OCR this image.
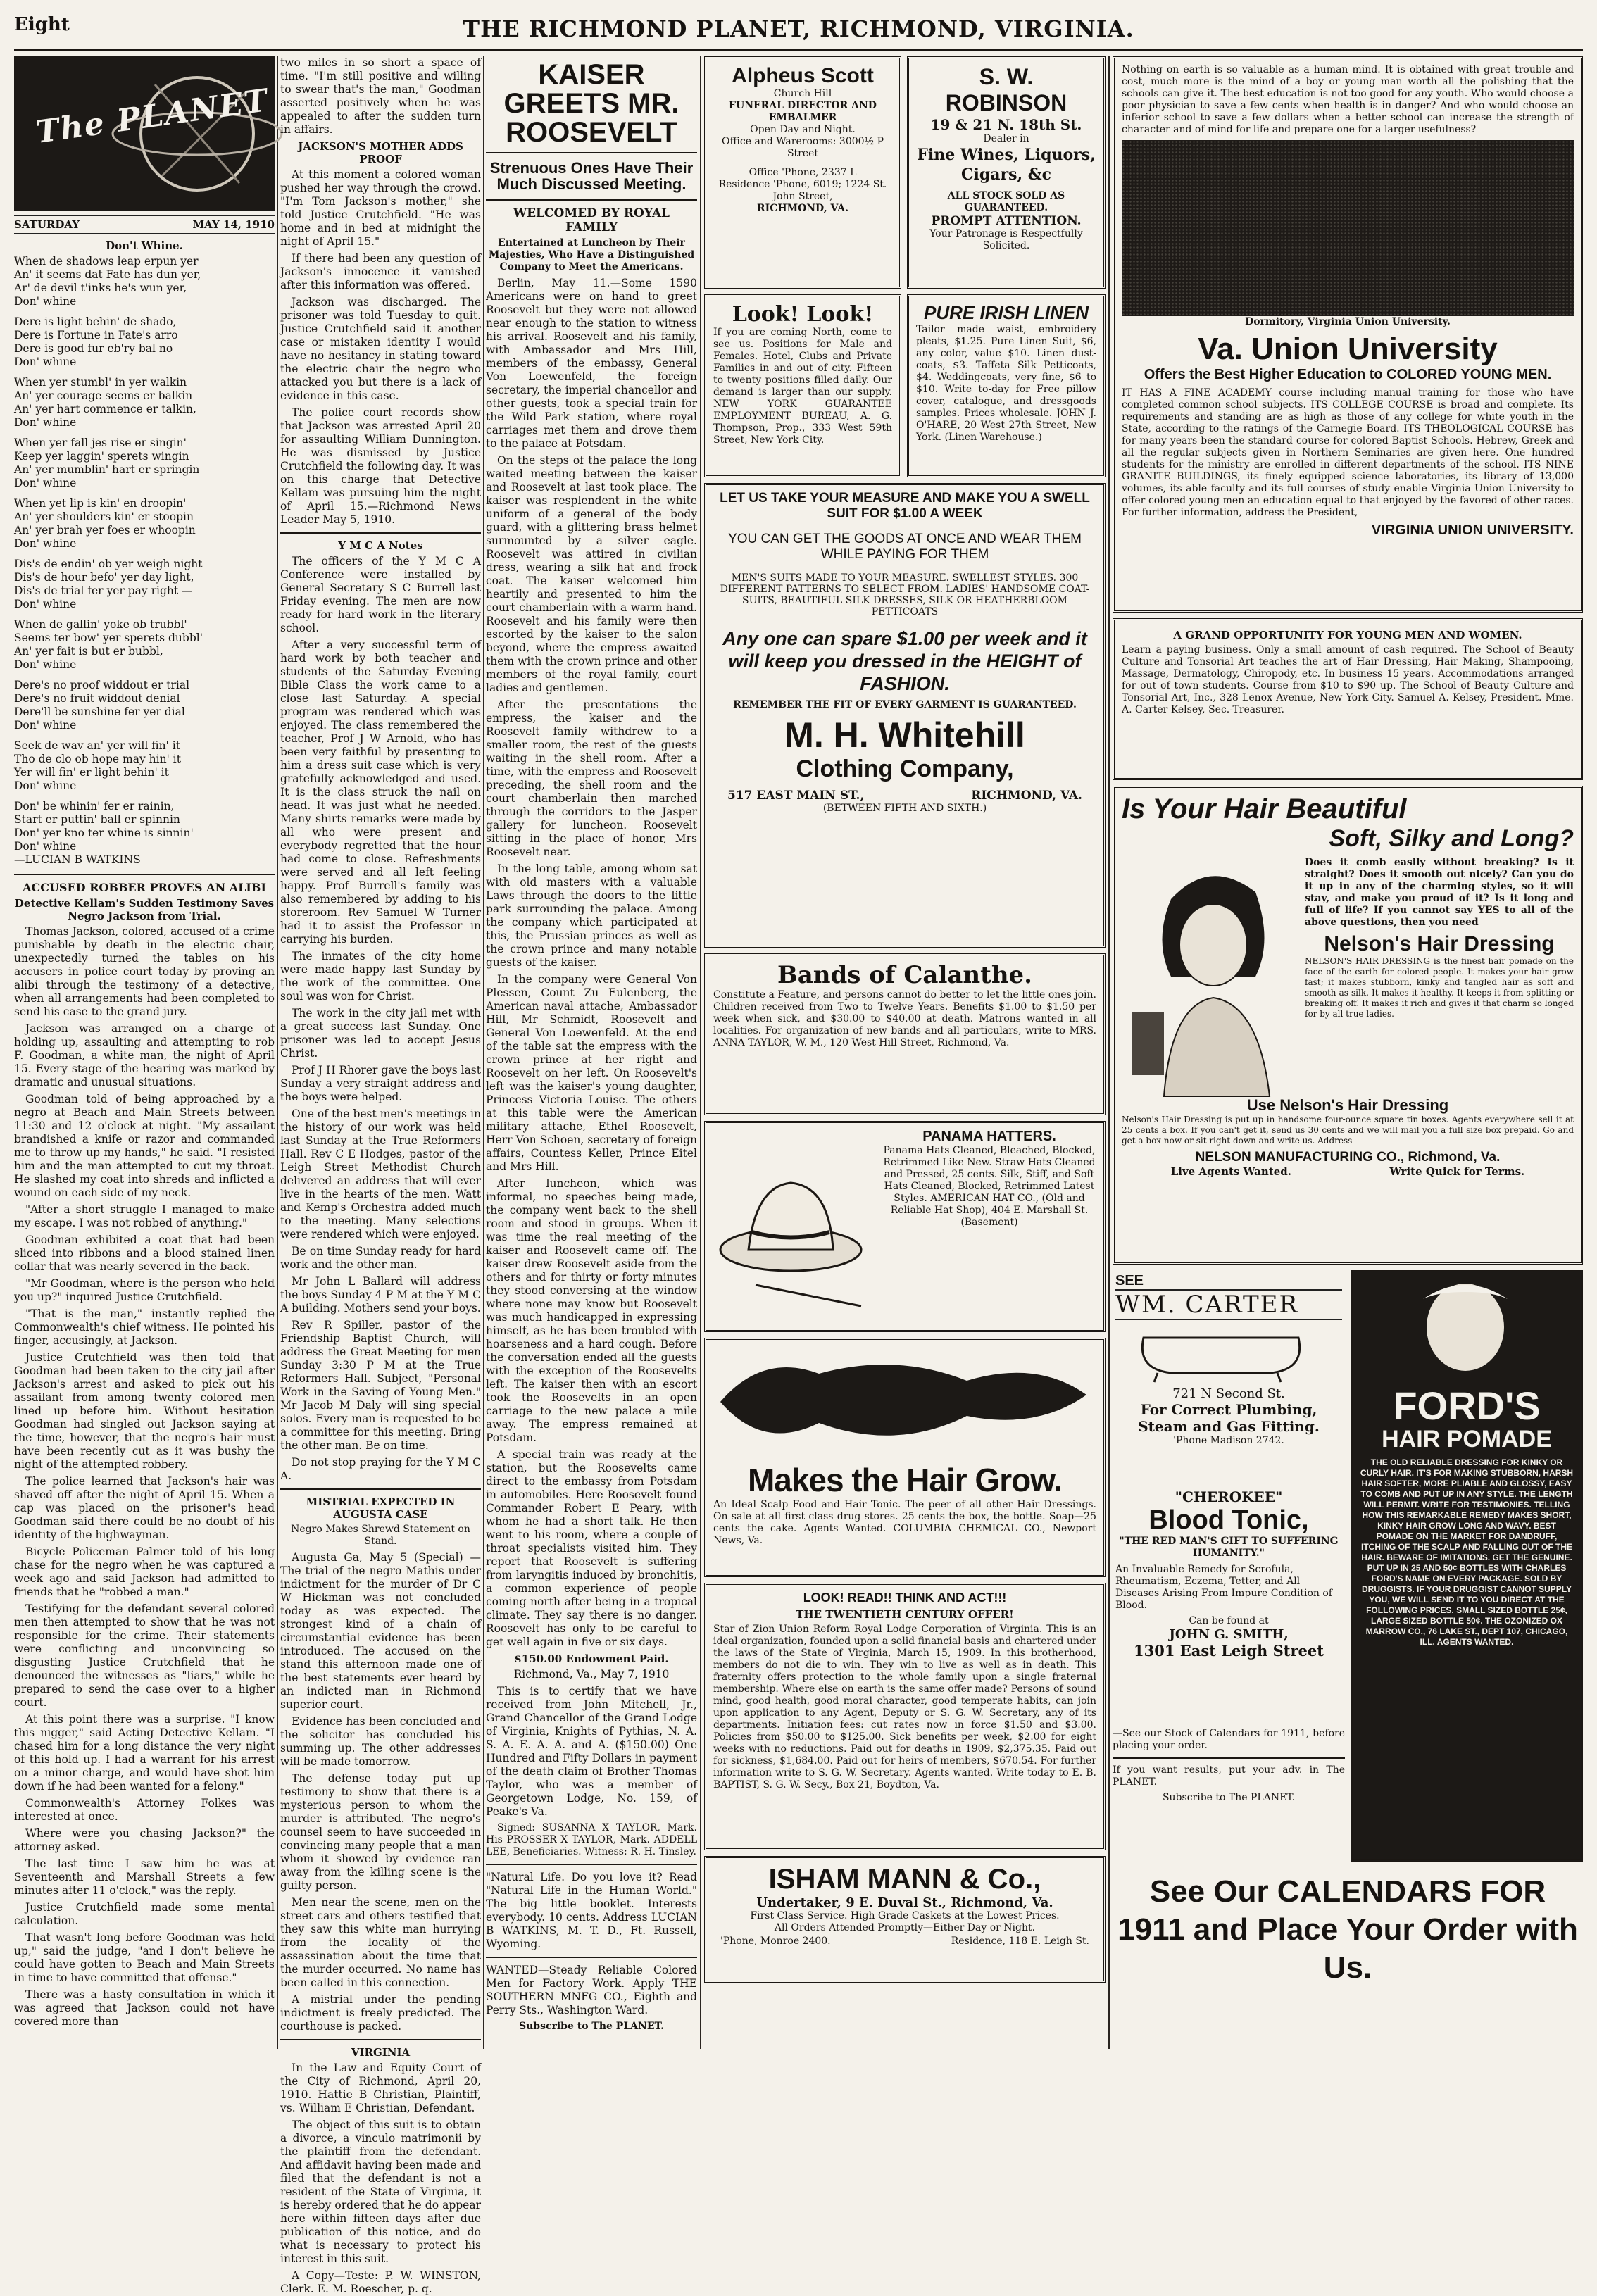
Eight	THE RICHMOND PLANET, RICHMOND, VIRGINIA.
The PLANET
SATURDAY	MAY 14, 1910
Don't Whine.
When de shadows leap erpun yer
An' it seems dat Fate has dun yer,
Ar' de devil t'inks he's wun yer,
Don' whine
Dere is light behin' de shado,
Dere is Fortune in Fate's arro
Dere is good fur eb'ry bal no
Don' whine
When yer stumbl' in yer walkin
An' yer courage seems er balkin
An' yer hart commence er talkin,
Don' whine
When yer fall jes rise er singin'
Keep yer laggin' sperets wingin
An' yer mumblin' hart er springin
Don' whine
When yet lip is kin' en droopin'
An' yer shoulders kin' er stoopin
An' yer brah yer foes er whoopin
Don' whine
Dis's de endin' ob yer weigh night
Dis's de hour befo' yer day light,
Dis's de trial fer yer pay right —
Don' whine
When de gallin' yoke ob trubbl'
Seems ter bow' yer sperets dubbl'
An' yer fait is but er bubbl,
Don' whine
Dere's no proof widdout er trial
Dere's no fruit widdout denial
Dere'll be sunshine fer yer dial
Don' whine
Seek de wav an' yer will fin' it
Tho de clo ob hope may hin' it
Yer will fin' er light behin' it
Don' whine
Don' be whinin' fer er rainin,
Start er puttin' ball er spinnin
Don' yer kno ter whine is sinnin'
Don' whine
—LUCIAN B WATKINS
ACCUSED ROBBER PROVES AN ALIBI
Detective Kellam's Sudden Testimony Saves Negro Jackson from Trial.
Thomas Jackson, colored, accused of a crime punishable by death in the electric chair, unexpectedly turned the tables on his accusers in police court today by proving an alibi through the testimony of a detective, when all arrangements had been completed to send his case to the grand jury.
Jackson was arranged on a charge of holding up, assaulting and attempting to rob F. Goodman, a white man, the night of April 15. Every stage of the hearing was marked by dramatic and unusual situations.
Goodman told of being approached by a negro at Beach and Main Streets between 11:30 and 12 o'clock at night. "My assailant brandished a knife or razor and commanded me to throw up my hands," he said. "I resisted him and the man attempted to cut my throat. He slashed my coat into shreds and inflicted a wound on each side of my neck.
"After a short struggle I managed to make my escape. I was not robbed of anything."
Goodman exhibited a coat that had been sliced into ribbons and a blood stained linen collar that was nearly severed in the back.
"Mr Goodman, where is the person who held you up?" inquired Justice Crutchfield.
"That is the man," instantly replied the Commonwealth's chief witness. He pointed his finger, accusingly, at Jackson.
Justice Crutchfield was then told that Goodman had been taken to the city jail after Jackson's arrest and asked to pick out his assailant from among twenty colored men lined up before him. Without hesitation Goodman had singled out Jackson saying at the time, however, that the negro's hair must have been recently cut as it was bushy the night of the attempted robbery.
The police learned that Jackson's hair was shaved off after the night of April 15. When a cap was placed on the prisoner's head Goodman said there could be no doubt of his identity of the highwayman.
Bicycle Policeman Palmer told of his long chase for the negro when he was captured a week ago and said Jackson had admitted to friends that he "robbed a man."
Testifying for the defendant several colored men then attempted to show that he was not responsible for the crime. Their statements were conflicting and unconvincing so disgusting Justice Crutchfield that he denounced the witnesses as "liars," while he prepared to send the case over to a higher court.
At this point there was a surprise. "I know this nigger," said Acting Detective Kellam. "I chased him for a long distance the very night of this hold up. I had a warrant for his arrest on a minor charge, and would have shot him down if he had been wanted for a felony."
Commonwealth's Attorney Folkes was interested at once.
Where were you chasing Jackson?" the attorney asked.
The last time I saw him he was at Seventeenth and Marshall Streets a few minutes after 11 o'clock," was the reply.
Justice Crutchfield made some mental calculation.
That wasn't long before Goodman was held up," said the judge, "and I don't believe he could have gotten to Beach and Main Streets in time to have committed that offense."
There was a hasty consultation in which it was agreed that Jackson could not have covered more than
two miles in so short a space of time. "I'm still positive and willing to swear that's the man," Goodman asserted positively when he was appealed to after the sudden turn in affairs.
JACKSON'S MOTHER ADDS PROOF
At this moment a colored woman pushed her way through the crowd. "I'm Tom Jackson's mother," she told Justice Crutchfield. "He was home and in bed at midnight the night of April 15."
If there had been any question of Jackson's innocence it vanished after this information was offered.
Jackson was discharged. The prisoner was told Tuesday to quit. Justice Crutchfield said it another case or mistaken identity I would have no hesitancy in stating toward the electric chair the negro who attacked you but there is a lack of evidence in this case.
The police court records show that Jackson was arrested April 20 for assaulting William Dunnington. He was dismissed by Justice Crutchfield the following day. It was on this charge that Detective Kellam was pursuing him the night of April 15.—Richmond News Leader May 5, 1910.
Y M C A Notes
The officers of the Y M C A Conference were installed by General Secretary S C Burrell last Friday evening. The men are now ready for hard work in the literary school.
After a very successful term of hard work by both teacher and students of the Saturday Evening Bible Class the work came to a close last Saturday. A special program was rendered which was enjoyed. The class remembered the teacher, Prof J W Arnold, who has been very faithful by presenting to him a dress suit case which is very gratefully acknowledged and used. It is the class struck the nail on head. It was just what he needed. Many shirts remarks were made by all who were present and everybody regretted that the hour had come to close. Refreshments were served and all left feeling happy. Prof Burrell's family was also remembered by adding to his storeroom. Rev Samuel W Turner had it to assist the Professor in carrying his burden.
The inmates of the city home were made happy last Sunday by the work of the committee. One soul was won for Christ.
The work in the city jail met with a great success last Sunday. One prisoner was led to accept Jesus Christ.
Prof J H Rhorer gave the boys last Sunday a very straight address and the boys were helped.
One of the best men's meetings in the history of our work was held last Sunday at the True Reformers Hall. Rev C E Hodges, pastor of the Leigh Street Methodist Church delivered an address that will ever live in the hearts of the men. Watt and Kemp's Orchestra added much to the meeting. Many selections were rendered which were enjoyed.
Be on time Sunday ready for hard work and the other man.
Mr John L Ballard will address the boys Sunday 4 P M at the Y M C A building. Mothers send your boys.
Rev R Spiller, pastor of the Friendship Baptist Church, will address the Great Meeting for men Sunday 3:30 P M at the True Reformers Hall. Subject, "Personal Work in the Saving of Young Men." Mr Jacob M Daly will sing special solos. Every man is requested to be a committee for this meeting. Bring the other man. Be on time.
Do not stop praying for the Y M C A.
MISTRIAL EXPECTED IN AUGUSTA CASE
Negro Makes Shrewd Statement on Stand.
Augusta Ga, May 5 (Special) — The trial of the negro Mathis under indictment for the murder of Dr C W Hickman was not concluded today as was expected. The strongest kind of a chain of circumstantial evidence has been introduced. The accused on the stand this afternoon made one of the best statements ever heard by an indicted man in Richmond superior court.
Evidence has been concluded and the solicitor has concluded his summing up. The other addresses will be made tomorrow.
The defense today put up testimony to show that there is a mysterious person to whom the murder is attributed. The negro's counsel seem to have succeeded in convincing many people that a man whom it showed by evidence ran away from the killing scene is the guilty person.
Men near the scene, men on the street cars and others testified that they saw this white man hurrying from the locality of the assassination about the time that the murder occurred. No name has been called in this connection.
A mistrial under the pending indictment is freely predicted. The courthouse is packed.
VIRGINIA
In the Law and Equity Court of the City of Richmond, April 20, 1910. Hattie B Christian, Plaintiff, vs. William E Christian, Defendant.
The object of this suit is to obtain a divorce, a vinculo matrimonii by the plaintiff from the defendant. And affidavit having been made and filed that the defendant is not a resident of the State of Virginia, it is hereby ordered that he do appear here within fifteen days after due publication of this notice, and do what is necessary to protect his interest in this suit.
A Copy—Teste: P. W. WINSTON, Clerk. E. M. Roescher, p. q.
KAISER GREETS MR. ROOSEVELT
Strenuous Ones Have Their Much Discussed Meeting.
WELCOMED BY ROYAL FAMILY
Entertained at Luncheon by Their Majesties, Who Have a Distinguished Company to Meet the Americans.
Berlin, May 11.—Some 1590 Americans were on hand to greet Roosevelt but they were not allowed near enough to the station to witness his arrival. Roosevelt and his family, with Ambassador and Mrs Hill, members of the embassy, General Von Loewenfeld, the foreign secretary, the imperial chancellor and other guests, took a special train for the Wild Park station, where royal carriages met them and drove them to the palace at Potsdam.
On the steps of the palace the long waited meeting between the kaiser and Roosevelt at last took place. The kaiser was resplendent in the white uniform of a general of the body guard, with a glittering brass helmet surmounted by a silver eagle. Roosevelt was attired in civilian dress, wearing a silk hat and frock coat. The kaiser welcomed him heartily and presented to him the court chamberlain with a warm hand. Roosevelt and his family were then escorted by the kaiser to the salon beyond, where the empress awaited them with the crown prince and other members of the royal family, court ladies and gentlemen.
After the presentations the empress, the kaiser and the Roosevelt family withdrew to a smaller room, the rest of the guests waiting in the shell room. After a time, with the empress and Roosevelt preceding, the shell room and the court chamberlain then marched through the corridors to the Jasper gallery for luncheon. Roosevelt sitting in the place of honor, Mrs Roosevelt near.
In the long table, among whom sat with old masters with a valuable Laws through the doors to the little park surrounding the palace. Among the company which participated at this, the Prussian princes as well as the crown prince and many notable guests of the kaiser.
In the company were General Von Plessen, Count Zu Eulenberg, the American naval attache, Ambassador Hill, Mr Schmidt, Roosevelt and General Von Loewenfeld. At the end of the table sat the empress with the crown prince at her right and Roosevelt on her left. On Roosevelt's left was the kaiser's young daughter, Princess Victoria Louise. The others at this table were the American military attache, Ethel Roosevelt, Herr Von Schoen, secretary of foreign affairs, Countess Keller, Prince Eitel and Mrs Hill.
After luncheon, which was informal, no speeches being made, the company went back to the shell room and stood in groups. When it was time the real meeting of the kaiser and Roosevelt came off. The kaiser drew Roosevelt aside from the others and for thirty or forty minutes they stood conversing at the window where none may know but Roosevelt was much handicapped in expressing himself, as he has been troubled with hoarseness and a hard cough. Before the conversation ended all the guests with the exception of the Roosevelts left. The kaiser then with an escort took the Roosevelts in an open carriage to the new palace a mile away. The empress remained at Potsdam.
A special train was ready at the station, but the Roosevelts came direct to the embassy from Potsdam in automobiles. Here Roosevelt found Commander Robert E Peary, with whom he had a short talk. He then went to his room, where a couple of throat specialists visited him. They report that Roosevelt is suffering from laryngitis induced by bronchitis, a common experience of people coming north after being in a tropical climate. They say there is no danger. Roosevelt has only to be careful to get well again in five or six days.
$150.00 Endowment Paid.
Richmond, Va., May 7, 1910
This is to certify that we have received from John Mitchell, Jr., Grand Chancellor of the Grand Lodge of Virginia, Knights of Pythias, N. A. S. A. E. A. A. and A. ($150.00) One Hundred and Fifty Dollars in payment of the death claim of Brother Thomas Taylor, who was a member of Georgetown Lodge, No. 159, of Peake's Va.
Signed: SUSANNA X TAYLOR, Mark. His PROSSER X TAYLOR, Mark. ADDELL LEE, Beneficiaries. Witness: R. H. Tinsley.
"Natural Life. Do you love it? Read "Natural Life in the Human World." The big little booklet. Interests everybody. 10 cents. Address LUCIAN B WATKINS, M. T. D., Ft. Russell, Wyoming.
WANTED—Steady Reliable Colored Men for Factory Work. Apply THE SOUTHERN MNFG CO., Eighth and Perry Sts., Washington Ward.
Subscribe to The PLANET.
Alpheus Scott
Church Hill
FUNERAL DIRECTOR AND EMBALMER
Open Day and Night.
Office and Warerooms: 3000½ P Street
Office 'Phone, 2337 L
Residence 'Phone, 6019; 1224 St. John Street,
RICHMOND, VA.
S. W. ROBINSON
19 & 21 N. 18th St.
Dealer in
Fine Wines, Liquors, Cigars, &c
ALL STOCK SOLD AS GUARANTEED.
PROMPT ATTENTION.
Your Patronage is Respectfully Solicited.
Look! Look!
If you are coming North, come to see us. Positions for Male and Females. Hotel, Clubs and Private Families in and out of city. Fifteen to twenty positions filled daily. Our demand is larger than our supply. NEW YORK GUARANTEE EMPLOYMENT BUREAU, A. G. Thompson, Prop., 333 West 59th Street, New York City.
PURE IRISH LINEN
Tailor made waist, embroidery pleats, $1.25. Pure Linen Suit, $6, any color, value $10. Linen dust-coats, $3. Taffeta Silk Petticoats, $4. Weddingcoats, very fine, $6 to $10. Write to-day for Free pillow cover, catalogue, and dressgoods samples. Prices wholesale. JOHN J. O'HARE, 20 West 27th Street, New York. (Linen Warehouse.)
LET US TAKE YOUR MEASURE AND MAKE YOU A SWELL SUIT FOR $1.00 A WEEK
YOU CAN GET THE GOODS AT ONCE AND WEAR THEM WHILE PAYING FOR THEM
MEN'S SUITS MADE TO YOUR MEASURE. SWELLEST STYLES. 300 DIFFERENT PATTERNS TO SELECT FROM. LADIES' HANDSOME COAT-SUITS, BEAUTIFUL SILK DRESSES, SILK OR HEATHERBLOOM PETTICOATS
Any one can spare $1.00 per week and it will keep you dressed in the HEIGHT of FASHION.
REMEMBER THE FIT OF EVERY GARMENT IS GUARANTEED.
M. H. Whitehill
Clothing Company,
517 EAST MAIN ST.,	RICHMOND, VA.
(BETWEEN FIFTH AND SIXTH.)
Bands of Calanthe.
Constitute a Feature, and persons cannot do better to let the little ones join. Children received from Two to Twelve Years. Benefits $1.00 to $1.50 per week when sick, and $30.00 to $40.00 at death. Matrons wanted in all localities. For organization of new bands and all particulars, write to MRS. ANNA TAYLOR, W. M., 120 West Hill Street, Richmond, Va.
PANAMA HATTERS.
Panama Hats Cleaned, Bleached, Blocked, Retrimmed Like New. Straw Hats Cleaned and Pressed, 25 cents. Silk, Stiff, and Soft Hats Cleaned, Blocked, Retrimmed Latest Styles. AMERICAN HAT CO., (Old and Reliable Hat Shop), 404 E. Marshall St. (Basement)
Makes the Hair Grow.
An Ideal Scalp Food and Hair Tonic. The peer of all other Hair Dressings. On sale at all first class drug stores. 25 cents the box, the bottle. Soap—25 cents the cake. Agents Wanted. COLUMBIA CHEMICAL CO., Newport News, Va.
LOOK! READ!! THINK AND ACT!!!
THE TWENTIETH CENTURY OFFER!
Star of Zion Union Reform Royal Lodge Corporation of Virginia. This is an ideal organization, founded upon a solid financial basis and chartered under the laws of the State of Virginia, March 15, 1909. In this brotherhood, members do not die to win. They win to live as well as in death. This fraternity offers protection to the whole family upon a single fraternal membership. Where else on earth is the same offer made? Persons of sound mind, good health, good moral character, good temperate habits, can join upon application to any Agent, Deputy or S. G. W. Secretary, any of its departments. Initiation fees: cut rates now in force $1.50 and $3.00. Policies from $50.00 to $125.00. Sick benefits per week, $2.00 for eight weeks with no reductions. Paid out for deaths in 1909, $2,375.35. Paid out for sickness, $1,684.00. Paid out for heirs of members, $670.54. For further information write to S. G. W. Secretary. Agents wanted. Write today to E. B. BAPTIST, S. G. W. Secy., Box 21, Boydton, Va.
ISHAM MANN & Co.,
Undertaker, 9 E. Duval St., Richmond, Va.
First Class Service. High Grade Caskets at the Lowest Prices.
All Orders Attended Promptly—Either Day or Night.
'Phone, Monroe 2400.	Residence, 118 E. Leigh St.
Nothing on earth is so valuable as a human mind. It is obtained with great trouble and cost, much more is the mind of a boy or young man worth all the polishing that the schools can give it. The best education is not too good for any youth. Who would choose a poor physician to save a few cents when health is in danger? And who would choose an inferior school to save a few dollars when a better school can increase the strength of character and of mind for life and prepare one for a larger usefulness?
Dormitory, Virginia Union University.
Va. Union University
Offers the Best Higher Education to COLORED YOUNG MEN.
IT HAS A FINE ACADEMY course including manual training for those who have completed common school subjects. ITS COLLEGE COURSE is broad and complete. Its requirements and standing are as high as those of any college for white youth in the State, according to the ratings of the Carnegie Board. ITS THEOLOGICAL COURSE has for many years been the standard course for colored Baptist Schools. Hebrew, Greek and all the regular subjects given in Northern Seminaries are given here. One hundred students for the ministry are enrolled in different departments of the school. ITS NINE GRANITE BUILDINGS, its finely equipped science laboratories, its library of 13,000 volumes, its able faculty and its full courses of study enable Virginia Union University to offer colored young men an education equal to that enjoyed by the favored of other races. For further information, address the President,
VIRGINIA UNION UNIVERSITY.
A GRAND OPPORTUNITY FOR YOUNG MEN AND WOMEN.
Learn a paying business. Only a small amount of cash required. The School of Beauty Culture and Tonsorial Art teaches the art of Hair Dressing, Hair Making, Shampooing, Massage, Dermatology, Chiropody, etc. In business 15 years. Accommodations arranged for out of town students. Course from $10 to $90 up. The School of Beauty Culture and Tonsorial Art, Inc., 328 Lenox Avenue, New York City. Samuel A. Kelsey, President. Mme. A. Carter Kelsey, Sec.-Treasurer.
Is Your Hair Beautiful
Soft, Silky and Long?
Does it comb easily without breaking? Is it straight? Does it smooth out nicely? Can you do it up in any of the charming styles, so it will stay, and make you proud of it? Is it long and full of life? If you cannot say YES to all of the above questions, then you need
Nelson's Hair Dressing
NELSON'S HAIR DRESSING is the finest hair pomade on the face of the earth for colored people. It makes your hair grow fast; it makes stubborn, kinky and tangled hair as soft and smooth as silk. It makes it healthy. It keeps it from splitting or breaking off. It makes it rich and gives it that charm so longed for by all true ladies.
Use Nelson's Hair Dressing
Nelson's Hair Dressing is put up in handsome four-ounce square tin boxes. Agents everywhere sell it at 25 cents a box. If you can't get it, send us 30 cents and we will mail you a full size box prepaid. Go and get a box now or sit right down and write us. Address
NELSON MANUFACTURING CO., Richmond, Va.
Live Agents Wanted.	Write Quick for Terms.
SEE
WM. CARTER
721 N Second St.
For Correct Plumbing,
Steam and Gas Fitting.
'Phone Madison 2742.
"CHEROKEE"
Blood Tonic,
"THE RED MAN'S GIFT TO SUFFERING HUMANITY."
An Invaluable Remedy for Scrofula, Rheumatism, Eczema, Tetter, and All Diseases Arising From Impure Condition of Blood.
Can be found at
JOHN G. SMITH,
1301 East Leigh Street
—See our Stock of Calendars for 1911, before placing your order.
If you want results, put your adv. in The PLANET.
Subscribe to The PLANET.
FORD'S
HAIR POMADE
THE OLD RELIABLE DRESSING FOR KINKY OR CURLY HAIR. IT'S FOR MAKING STUBBORN, HARSH HAIR SOFTER, MORE PLIABLE AND GLOSSY, EASY TO COMB AND PUT UP IN ANY STYLE. THE LENGTH WILL PERMIT. WRITE FOR TESTIMONIES. TELLING HOW THIS REMARKABLE REMEDY MAKES SHORT, KINKY HAIR GROW LONG AND WAVY. BEST POMADE ON THE MARKET FOR DANDRUFF, ITCHING OF THE SCALP AND FALLING OUT OF THE HAIR. BEWARE OF IMITATIONS. GET THE GENUINE. PUT UP IN 25 AND 50¢ BOTTLES WITH CHARLES FORD'S NAME ON EVERY PACKAGE. SOLD BY DRUGGISTS. IF YOUR DRUGGIST CANNOT SUPPLY YOU, WE WILL SEND IT TO YOU DIRECT AT THE FOLLOWING PRICES. SMALL SIZED BOTTLE 25¢, LARGE SIZED BOTTLE 50¢. THE OZONIZED OX MARROW CO., 76 LAKE ST., DEPT 107, CHICAGO, ILL. AGENTS WANTED.
See Our CALENDARS FOR 1911 and Place Your Order with Us.
